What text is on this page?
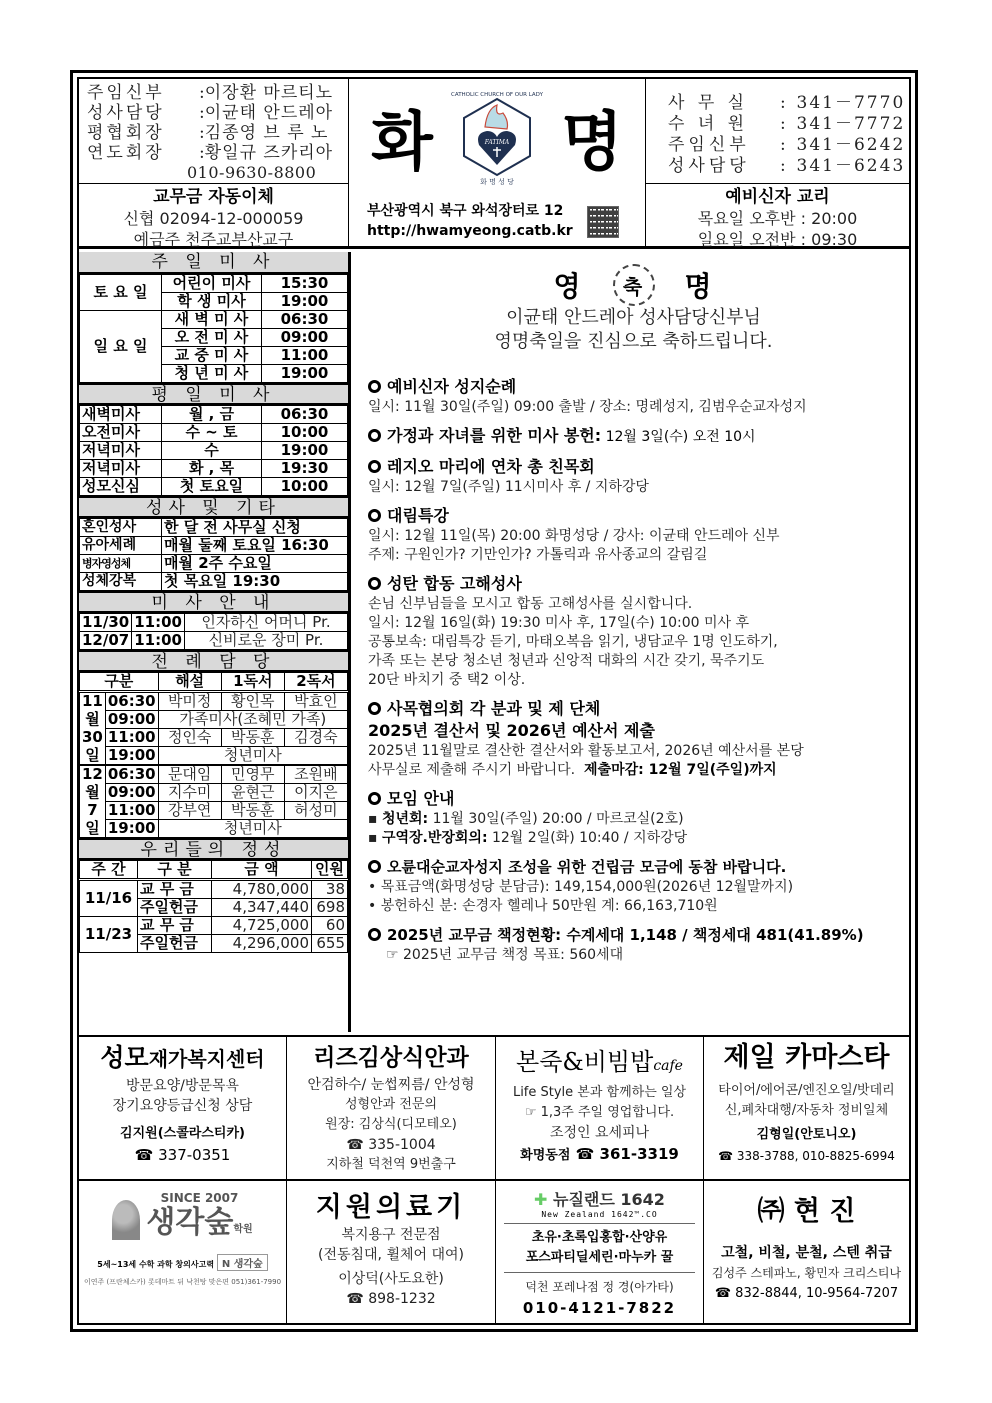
주임신부	: 이장환 마르티노
성사담당	: 이균태 안드레아
평협회장	: 김종영 브 루 노
연도회장	: 황일규 즈카리아
010-9630-8800
교무금 자동이체
신협 02094-12-000059
예금주 천주교부산교구
화	FATIMA
화 명 성 당
CATHOLIC CHURCH OF OUR LADY
명
부산광역시 북구 와석장터로 12
http://hwamyeong.catb.kr
사 무 실	: 341－7770
수 녀 원	: 341－7772
주임신부	: 341－6242
성사담당	: 341－6243
예비신자 교리
목요일 오후반 : 20:00
일요일 오전반 : 09:30
주 일 미 사
토 요 일	어린이 미사	15:30
	학 생 미사	19:00
일 요 일	새 벽 미 사	06:30
	오 전 미 사	09:00
	교 중 미 사	11:00
	청 년 미 사	19:00
평 일 미 사
새벽미사	월 , 금	06:30
오전미사	수 ~ 토	10:00
저녁미사	수	19:00
저녁미사	화 , 목	19:30
성모신심	첫 토요일	10:00
성사 및 기타
혼인성사	한 달 전 사무실 신청
유아세례	매월 둘째 토요일 16:30
병자영성체	매월 2주 수요일
성체강복	첫 목요일 19:30
미 사 안 내
11/30	11:00	인자하신 어머니 Pr.
12/07	11:00	신비로운 장미 Pr.
전 례 담 당
구분		해설	1독서	2독서
11	06:30	박미정	황인목	박효인
월	09:00	가족미사(조혜민 가족)		
30	11:00	정인숙	박동훈	김경숙
일	19:00	청년미사		
12	06:30	문대임	민영무	조원배
월	09:00	지수미	윤현근	이지은
7	11:00	강부연	박동훈	허성미
일	19:00	청년미사		
우리들의 정성
주 간	구 분	금 액	인원
11/16	교 무 금	4,780,000	38
	주일헌금	4,347,440	698
11/23	교 무 금	4,725,000	60
	주일헌금	4,296,000	655
영 축 명
이균태 안드레아 성사담당신부님
영명축일을 진심으로 축하드립니다.
예비신자 성지순례
일시: 11월 30일(주일) 09:00 출발 / 장소: 명례성지, 김범우순교자성지
가정과 자녀를 위한 미사 봉헌: 12월 3일(수) 오전 10시
레지오 마리에 연차 총 친목회
일시: 12월 7일(주일) 11시미사 후 / 지하강당
대림특강
일시: 12월 11일(목) 20:00 화명성당 / 강사: 이균태 안드레아 신부
주제: 구원인가? 기만인가? 가톨릭과 유사종교의 갈림길
성탄 합동 고해성사
손님 신부님들을 모시고 합동 고해성사를 실시합니다.
일시: 12월 16일(화) 19:30 미사 후, 17일(수) 10:00 미사 후
공통보속: 대림특강 듣기, 마태오복음 읽기, 냉담교우 1명 인도하기,
가족 또는 본당 청소년 청년과 신앙적 대화의 시간 갖기, 묵주기도
20단 바치기 중 택2 이상.
사목협의회 각 분과 및 제 단체
2025년 결산서 및 2026년 예산서 제출
2025년 11월말로 결산한 결산서와 활동보고서, 2026년 예산서를 본당
사무실로 제출해 주시기 바랍니다. 제출마감: 12월 7일(주일)까지
모임 안내
▪ 청년회: 11월 30일(주일) 20:00 / 마르코실(2호)
▪ 구역장.반장회의: 12월 2일(화) 10:40 / 지하강당
오륜대순교자성지 조성을 위한 건립금 모금에 동참 바랍니다.
• 목표금액(화명성당 분담금): 149,154,000원(2026년 12월말까지)
• 봉헌하신 분: 손경자 헬레나 50만원 계: 66,163,710원
2025년 교무금 책정현황: 수계세대 1,148 / 책정세대 481(41.89%)
☞ 2025년 교무금 책정 목표: 560세대
성모재가복지센터
방문요양/방문목욕
장기요양등급신청 상담
김지원(스콜라스티카)
☎ 337-0351
리즈김상식안과
안검하수/ 눈썹찌름/ 안성형
성형안과 전문의
원장: 김상식(디모테오)
☎ 335-1004
지하철 덕천역 9번출구
본죽&비빔밥cafe
Life Style 본과 함께하는 일상
☞ 1,3주 주일 영업합니다.
조정인 요세피나
화명동점 ☎ 361-3319
제일 카마스타
타이어/에어콘/엔진오일/밧데리
신,폐차대행/자동차 정비일체
김형일(안토니오)
☎ 338-3788, 010-8825-6994
SINCE 2007
생각숲학원
5세~13세 수학 과학 창의사고력 N 생각숲
이연주 (프란체스카) 롯데마트 뒤 낙천탕 맞은편 051)361-7990
지원의료기
복지용구 전문점
(전동침대, 휠체어 대여)
이상덕(사도요한)
☎ 898-1232
✚ 뉴질랜드 1642
New Zealand 1642™.CO
초유·초록입홍합·산양유
포스파티딜세린·마누카 꿀
덕천 포레나점 정 경(아가타)
010-4121-7822
㈜ 현 진
고철, 비철, 분철, 스텐 취급
김성주 스테파노, 황민자 크리스티나
☎ 832-8844, 10-9564-7207
